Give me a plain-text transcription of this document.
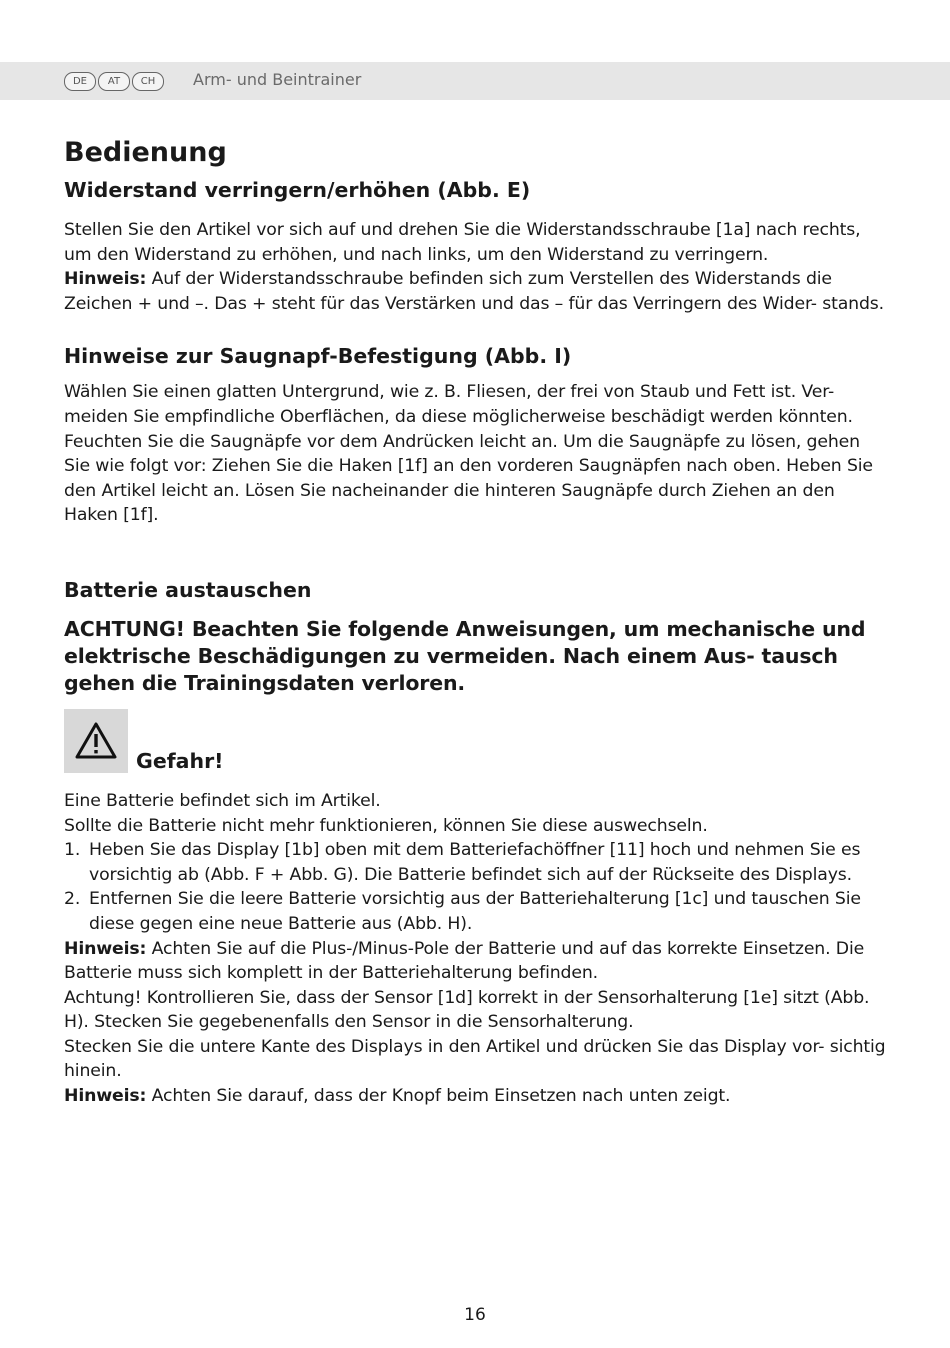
DE	AT	CH	Arm- und Beintrainer
Bedienung
Widerstand verringern/erhöhen (Abb. E)

Stellen Sie den Artikel vor sich auf und drehen Sie die Widerstandsschraube [1a] nach rechts, um den Widerstand zu erhöhen, und nach links, um den Widerstand zu verringern.

Hinweis: Auf der Widerstandsschraube befinden sich zum Verstellen des Widerstands die Zeichen + und –. Das + steht für das Verstärken und das – für das Verringern des Wider- stands.

Hinweise zur Saugnapf-Befestigung (Abb. I)

Wählen Sie einen glatten Untergrund, wie z. B. Fliesen, der frei von Staub und Fett ist. Ver- meiden Sie empfindliche Oberflächen, da diese möglicherweise beschädigt werden könnten. Feuchten Sie die Saugnäpfe vor dem Andrücken leicht an. Um die Saugnäpfe zu lösen, gehen Sie wie folgt vor: Ziehen Sie die Haken [1f] an den vorderen Saugnäpfen nach oben. Heben Sie den Artikel leicht an. Lösen Sie nacheinander die hinteren Saugnäpfe durch Ziehen an den Haken [1f].

Batterie austauschen

ACHTUNG! Beachten Sie folgende Anweisungen, um mechanische und elektrische Beschädigungen zu vermeiden. Nach einem Aus- tausch gehen die Trainingsdaten verloren.

Gefahr!

Eine Batterie befindet sich im Artikel.

Sollte die Batterie nicht mehr funktionieren, können Sie diese auswechseln.

1. Heben Sie das Display [1b] oben mit dem Batteriefachöffner [11] hoch und nehmen Sie es vorsichtig ab (Abb. F + Abb. G). Die Batterie befindet sich auf der Rückseite des Displays.

2. Entfernen Sie die leere Batterie vorsichtig aus der Batteriehalterung [1c] und tauschen Sie diese gegen eine neue Batterie aus (Abb. H).

Hinweis: Achten Sie auf die Plus-/Minus-Pole der Batterie und auf das korrekte Einsetzen. Die Batterie muss sich komplett in der Batteriehalterung befinden.

Achtung! Kontrollieren Sie, dass der Sensor [1d] korrekt in der Sensorhalterung [1e] sitzt (Abb. H). Stecken Sie gegebenenfalls den Sensor in die Sensorhalterung.

Stecken Sie die untere Kante des Displays in den Artikel und drücken Sie das Display vor- sichtig hinein.

Hinweis: Achten Sie darauf, dass der Knopf beim Einsetzen nach unten zeigt.

16
